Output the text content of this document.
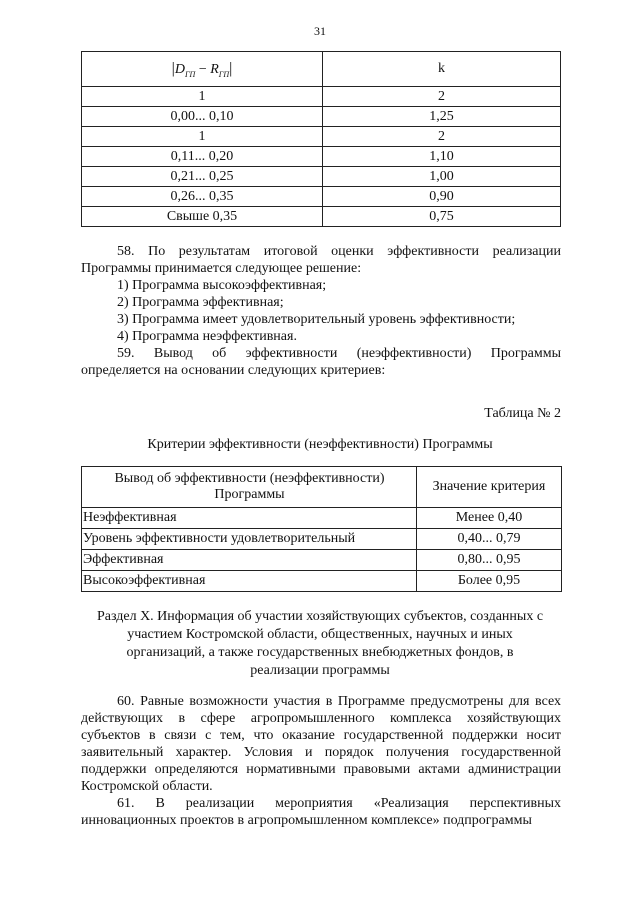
31
$|D_{ГП} - R_{ГП}|$	k
1	2
0,00... 0,10	1,25
1	2
0,11... 0,20	1,10
0,21... 0,25	1,00
0,26... 0,35	0,90
Свыше 0,35	0,75
58. По результатам итоговой оценки эффективности реализации Программы принимается следующее решение:
1) Программа высокоэффективная;
2) Программа эффективная;
3) Программа имеет удовлетворительный уровень эффективности;
4) Программа неэффективная.
59. Вывод об эффективности (неэффективности) Программы определяется на основании следующих критериев:
Таблица № 2
Критерии эффективности (неэффективности) Программы
Вывод об эффективности (неэффективности) Программы	Значение критерия
Неэффективная	Менее 0,40
Уровень эффективности удовлетворительный	0,40... 0,79
Эффективная	0,80... 0,95
Высокоэффективная	Более 0,95
Раздел X. Информация об участии хозяйствующих субъектов, созданных с
участием Костромской области, общественных, научных и иных
организаций, а также государственных внебюджетных фондов, в
реализации программы
60. Равные возможности участия в Программе предусмотрены для всех действующих в сфере агропромышленного комплекса хозяйствующих субъектов в связи с тем, что оказание государственной поддержки носит заявительный характер. Условия и порядок получения государственной поддержки определяются нормативными правовыми актами администрации Костромской области.
61. В реализации мероприятия «Реализация перспективных инновационных проектов в агропромышленном комплексе» подпрограммы
